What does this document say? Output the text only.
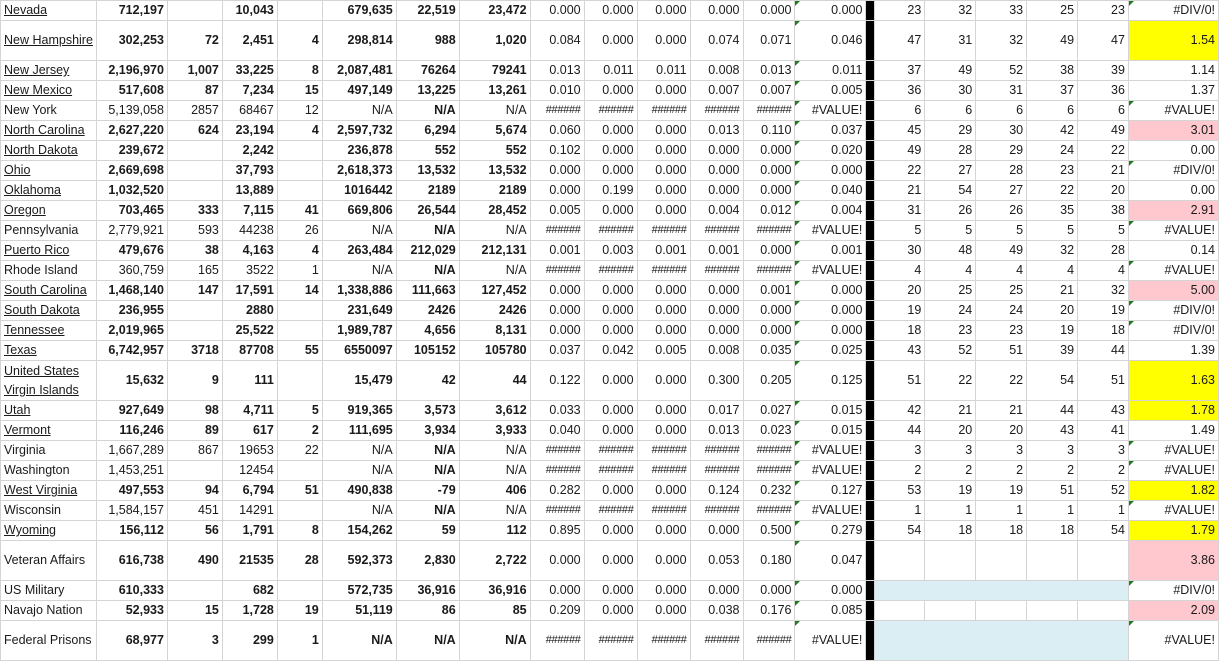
Nevada	712,197		10,043		679,635	22,519	23,472	0.000	0.000	0.000	0.000	0.000	0.000		23	32	33	25	23	#DIV/0!
New Hampshire	302,253	72	2,451	4	298,814	988	1,020	0.084	0.000	0.000	0.074	0.071	0.046		47	31	32	49	47	1.54
New Jersey	2,196,970	1,007	33,225	8	2,087,481	76264	79241	0.013	0.011	0.011	0.008	0.013	0.011		37	49	52	38	39	1.14
New Mexico	517,608	87	7,234	15	497,149	13,225	13,261	0.010	0.000	0.000	0.007	0.007	0.005		36	30	31	37	36	1.37
New York	5,139,058	2857	68467	12	N/A	N/A	N/A	######	######	######	######	######	#VALUE!		6	6	6	6	6	#VALUE!
North Carolina	2,627,220	624	23,194	4	2,597,732	6,294	5,674	0.060	0.000	0.000	0.013	0.110	0.037		45	29	30	42	49	3.01
North Dakota	239,672		2,242		236,878	552	552	0.102	0.000	0.000	0.000	0.000	0.020		49	28	29	24	22	0.00
Ohio	2,669,698		37,793		2,618,373	13,532	13,532	0.000	0.000	0.000	0.000	0.000	0.000		22	27	28	23	21	#DIV/0!
Oklahoma	1,032,520		13,889		1016442	2189	2189	0.000	0.199	0.000	0.000	0.000	0.040		21	54	27	22	20	0.00
Oregon	703,465	333	7,115	41	669,806	26,544	28,452	0.005	0.000	0.000	0.004	0.012	0.004		31	26	26	35	38	2.91
Pennsylvania	2,779,921	593	44238	26	N/A	N/A	N/A	######	######	######	######	######	#VALUE!		5	5	5	5	5	#VALUE!
Puerto Rico	479,676	38	4,163	4	263,484	212,029	212,131	0.001	0.003	0.001	0.001	0.000	0.001		30	48	49	32	28	0.14
Rhode Island	360,759	165	3522	1	N/A	N/A	N/A	######	######	######	######	######	#VALUE!		4	4	4	4	4	#VALUE!
South Carolina	1,468,140	147	17,591	14	1,338,886	111,663	127,452	0.000	0.000	0.000	0.000	0.001	0.000		20	25	25	21	32	5.00
South Dakota	236,955		2880		231,649	2426	2426	0.000	0.000	0.000	0.000	0.000	0.000		19	24	24	20	19	#DIV/0!
Tennessee	2,019,965		25,522		1,989,787	4,656	8,131	0.000	0.000	0.000	0.000	0.000	0.000		18	23	23	19	18	#DIV/0!
Texas	6,742,957	3718	87708	55	6550097	105152	105780	0.037	0.042	0.005	0.008	0.035	0.025		43	52	51	39	44	1.39
United States Virgin Islands	15,632	9	111		15,479	42	44	0.122	0.000	0.000	0.300	0.205	0.125		51	22	22	54	51	1.63
Utah	927,649	98	4,711	5	919,365	3,573	3,612	0.033	0.000	0.000	0.017	0.027	0.015		42	21	21	44	43	1.78
Vermont	116,246	89	617	2	111,695	3,934	3,933	0.040	0.000	0.000	0.013	0.023	0.015		44	20	20	43	41	1.49
Virginia	1,667,289	867	19653	22	N/A	N/A	N/A	######	######	######	######	######	#VALUE!		3	3	3	3	3	#VALUE!
Washington	1,453,251		12454		N/A	N/A	N/A	######	######	######	######	######	#VALUE!		2	2	2	2	2	#VALUE!
West Virginia	497,553	94	6,794	51	490,838	-79	406	0.282	0.000	0.000	0.124	0.232	0.127		53	19	19	51	52	1.82
Wisconsin	1,584,157	451	14291		N/A	N/A	N/A	######	######	######	######	######	#VALUE!		1	1	1	1	1	#VALUE!
Wyoming	156,112	56	1,791	8	154,262	59	112	0.895	0.000	0.000	0.000	0.500	0.279		54	18	18	18	54	1.79
Veteran Affairs	616,738	490	21535	28	592,373	2,830	2,722	0.000	0.000	0.000	0.053	0.180	0.047							3.86
US Military	610,333		682		572,735	36,916	36,916	0.000	0.000	0.000	0.000	0.000	0.000							#DIV/0!
Navajo Nation	52,933	15	1,728	19	51,119	86	85	0.209	0.000	0.000	0.038	0.176	0.085							2.09
Federal Prisons	68,977	3	299	1	N/A	N/A	N/A	######	######	######	######	######	#VALUE!							#VALUE!
